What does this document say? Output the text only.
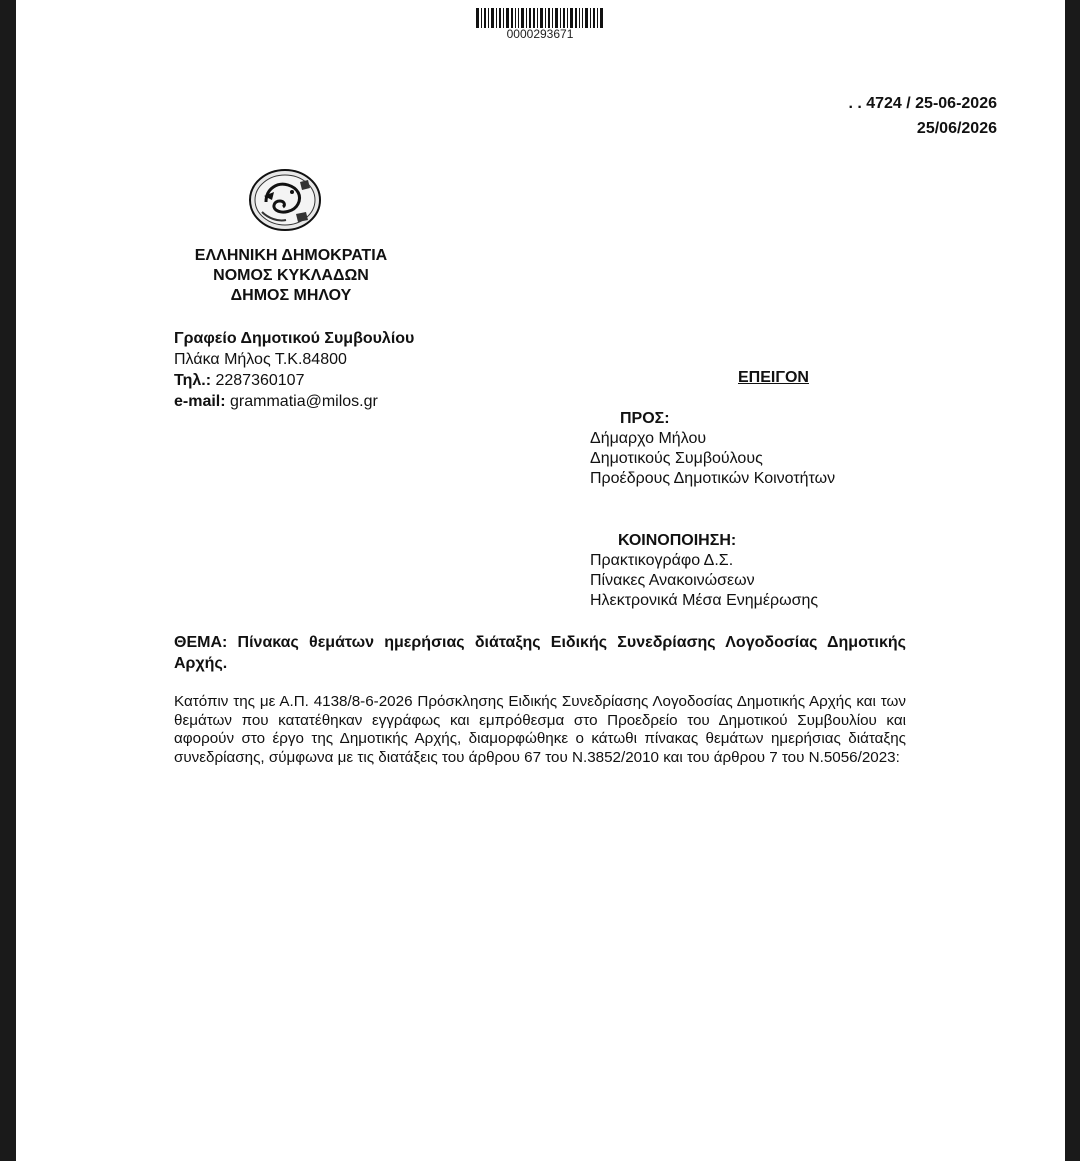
0000293671
. . 4724 / 25-06-2026
25/06/2026
ΕΛΛΗΝΙΚΗ ΔΗΜΟΚΡΑΤΙΑ
ΝΟΜΟΣ ΚΥΚΛΑΔΩΝ
ΔΗΜΟΣ ΜΗΛΟΥ
Γραφείο Δημοτικού Συμβουλίου
Πλάκα Μήλος Τ.Κ.84800
Τηλ.: 2287360107
e-mail: grammatia@milos.gr
ΕΠΕΙΓΟΝ
ΠΡΟΣ:
Δήμαρχο Μήλου
Δημοτικούς Συμβούλους
Προέδρους Δημοτικών Κοινοτήτων
ΚΟΙΝΟΠΟΙΗΣΗ:
Πρακτικογράφο Δ.Σ.
Πίνακες Ανακοινώσεων
Ηλεκτρονικά Μέσα Ενημέρωσης
ΘΕΜΑ: Πίνακας θεμάτων ημερήσιας διάταξης Ειδικής Συνεδρίασης Λογοδοσίας Δημοτικής Αρχής.
Κατόπιν της με Α.Π. 4138/8-6-2026 Πρόσκλησης Ειδικής Συνεδρίασης Λογοδοσίας Δημοτικής Αρχής και των θεμάτων που κατατέθηκαν εγγράφως και εμπρόθεσμα στο Προεδρείο του Δημοτικού Συμβουλίου και αφορούν στο έργο της Δημοτικής Αρχής, διαμορφώθηκε ο κάτωθι πίνακας θεμάτων ημερήσιας διάταξης συνεδρίασης, σύμφωνα με τις διατάξεις του άρθρου 67 του Ν.3852/2010 και του άρθρου 7 του Ν.5056/2023:
